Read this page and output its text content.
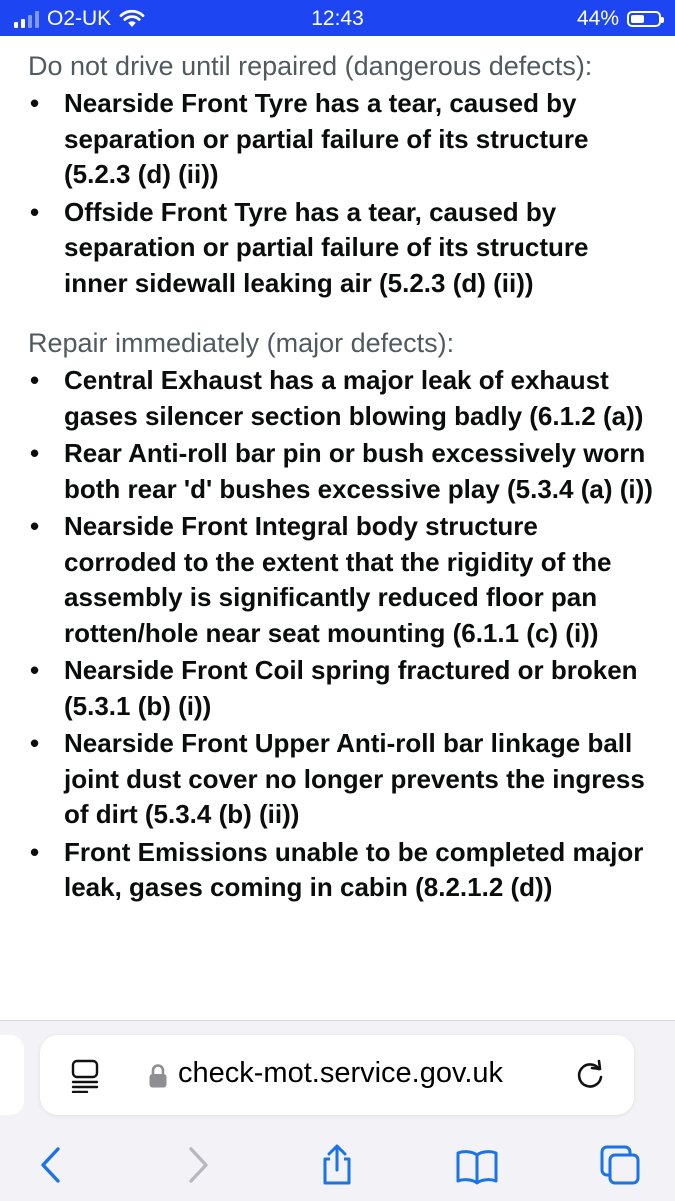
O2-UK	12:43	44%
Do not drive until repaired (dangerous defects):
• Nearside Front Tyre has a tear, caused by separation or partial failure of its structure (5.2.3 (d) (ii))
• Offside Front Tyre has a tear, caused by separation or partial failure of its structure inner sidewall leaking air (5.2.3 (d) (ii))
Repair immediately (major defects):
• Central Exhaust has a major leak of exhaust gases silencer section blowing badly (6.1.2 (a))
• Rear Anti-roll bar pin or bush excessively worn both rear 'd' bushes excessive play (5.3.4 (a) (i))
• Nearside Front Integral body structure corroded to the extent that the rigidity of the assembly is significantly reduced floor pan rotten/hole near seat mounting (6.1.1 (c) (i))
• Nearside Front Coil spring fractured or broken (5.3.1 (b) (i))
• Nearside Front Upper Anti-roll bar linkage ball joint dust cover no longer prevents the ingress of dirt (5.3.4 (b) (ii))
• Front Emissions unable to be completed major leak, gases coming in cabin (8.2.1.2 (d))
check-mot.service.gov.uk
